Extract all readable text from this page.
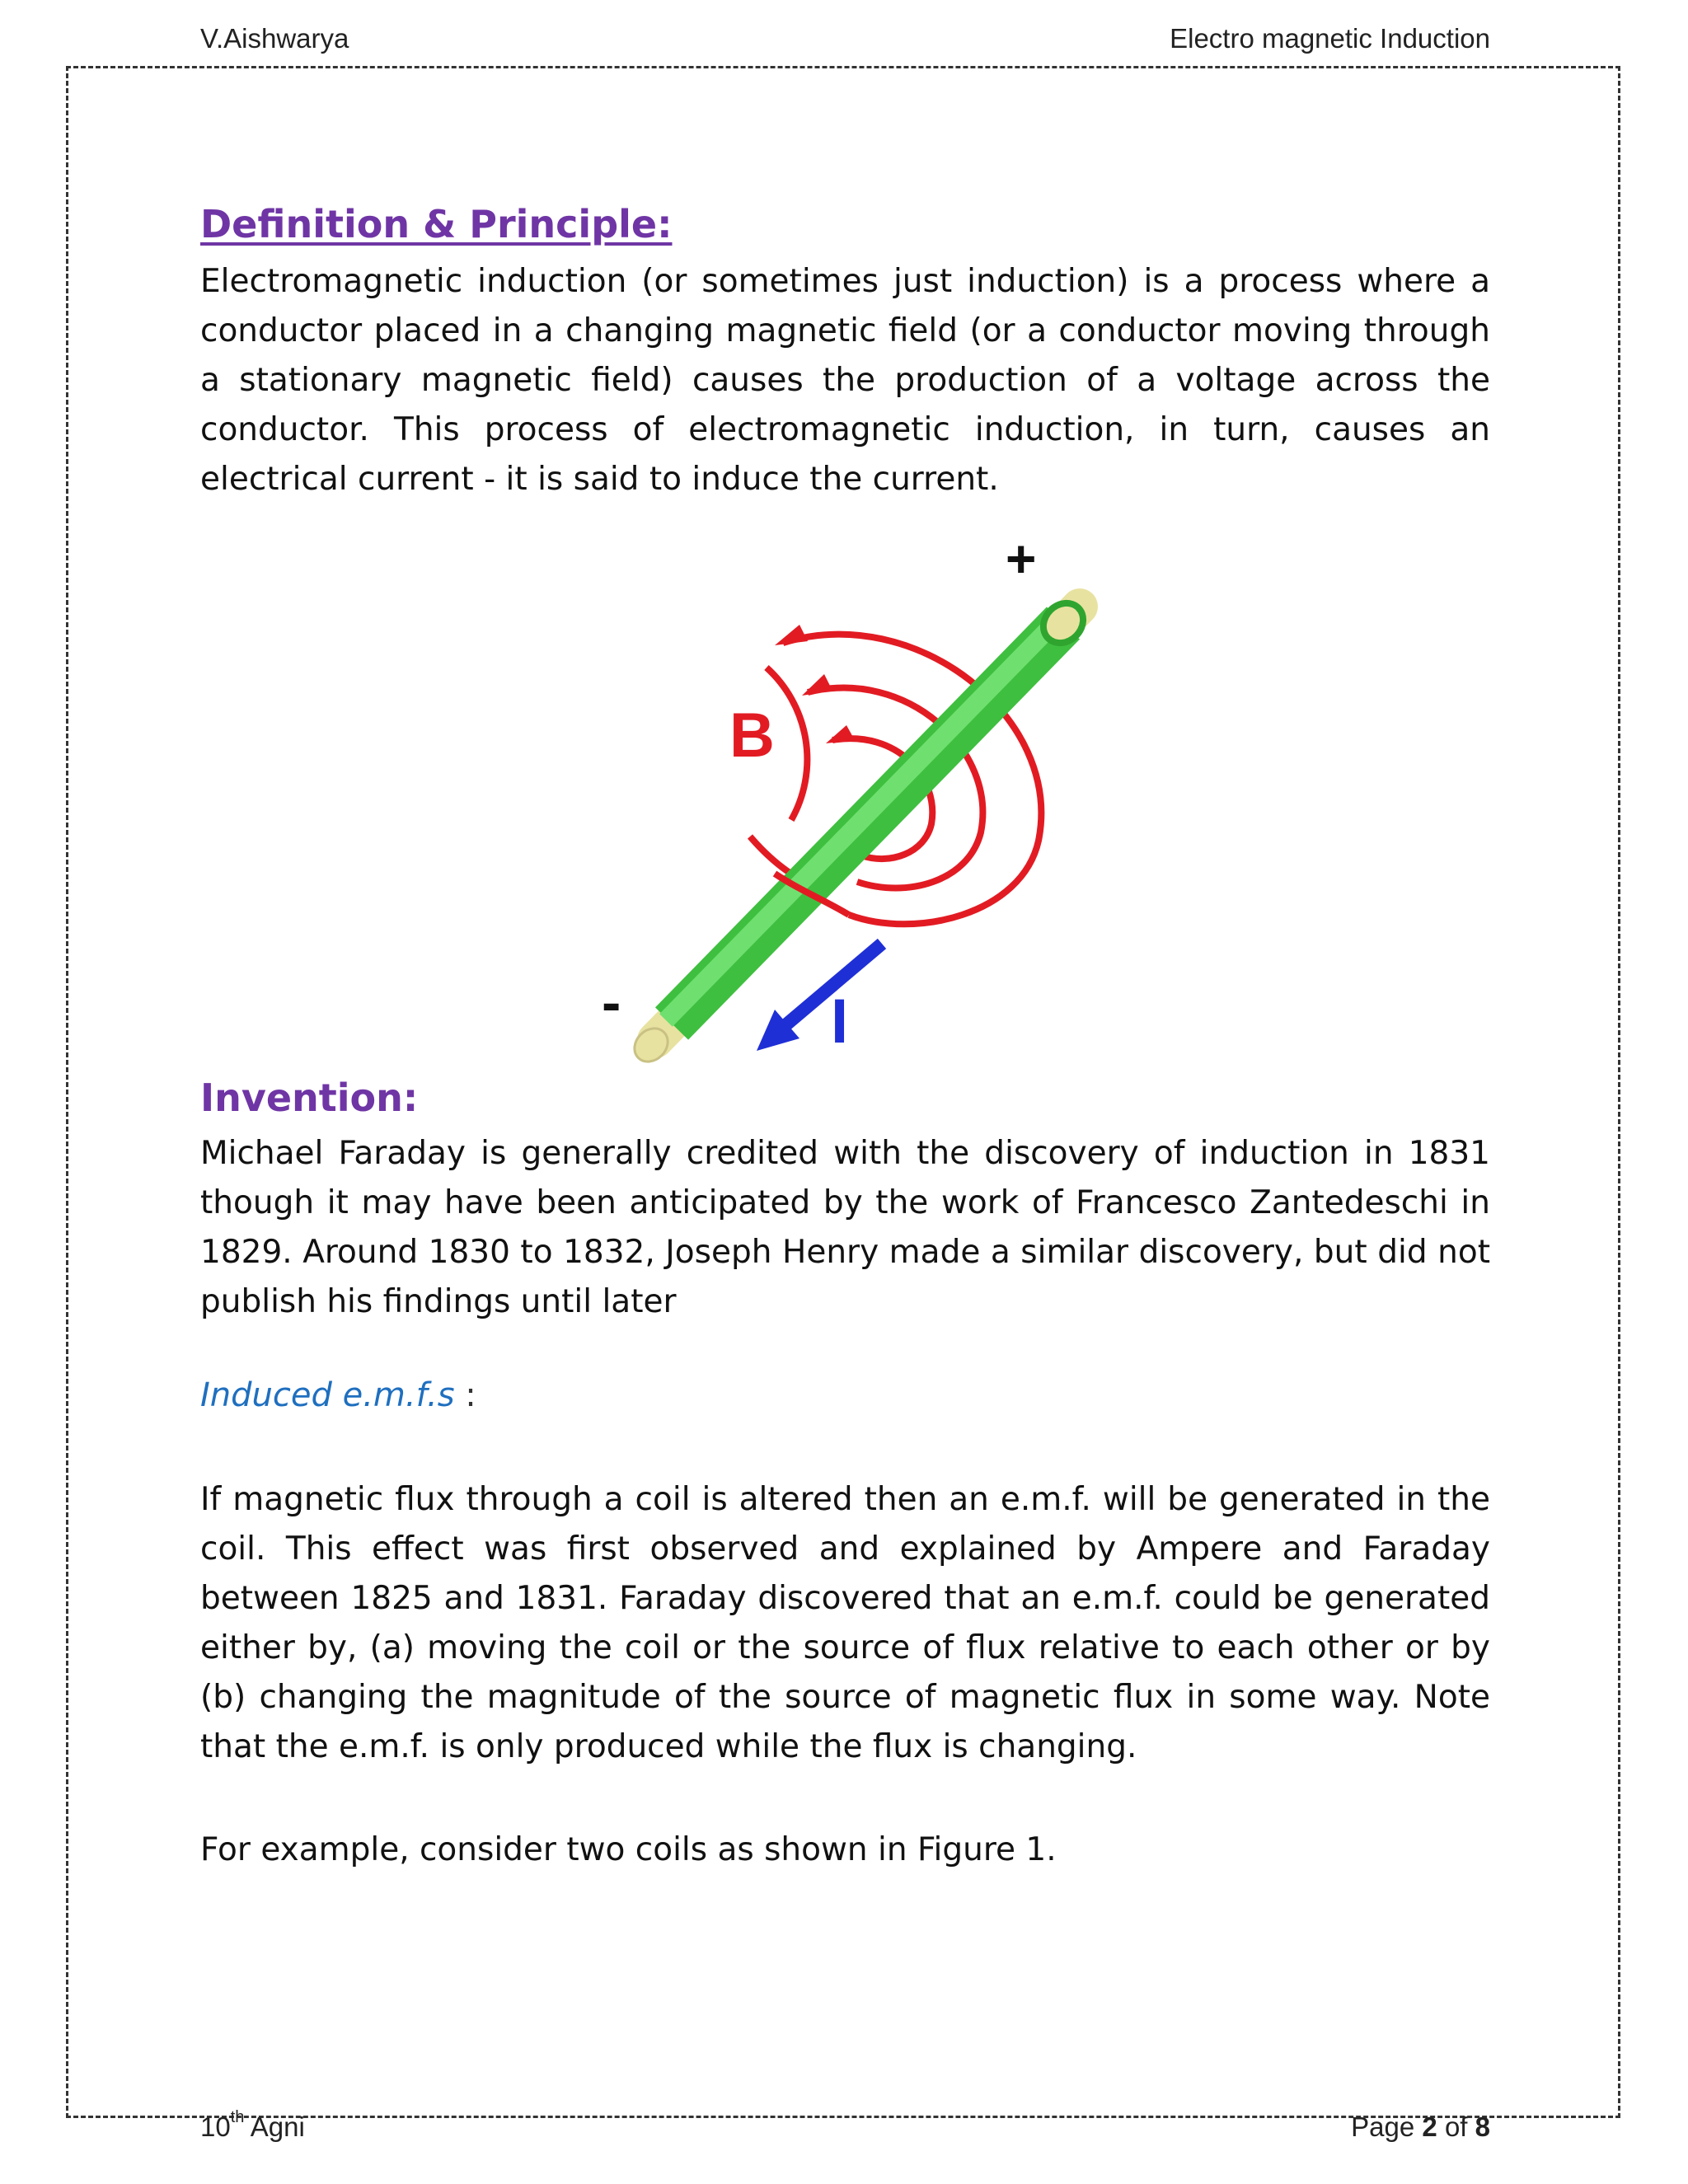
V.Aishwarya	Electro magnetic Induction
Definition & Principle:

Electromagnetic induction (or sometimes just induction) is a process where a conductor placed in a changing magnetic field (or a conductor moving through a stationary magnetic field) causes the production of a voltage across the conductor. This process of electromagnetic induction, in turn, causes an electrical current - it is said to induce the current.

+
-
B
I
Invention:

Michael Faraday is generally credited with the discovery of induction in 1831 though it may have been anticipated by the work of Francesco Zantedeschi in 1829. Around 1830 to 1832, Joseph Henry made a similar discovery, but did not publish his findings until later

Induced e.m.f.s :

If magnetic flux through a coil is altered then an e.m.f. will be generated in the coil. This effect was first observed and explained by Ampere and Faraday between 1825 and 1831. Faraday discovered that an e.m.f. could be generated either by, (a) moving the coil or the source of flux relative to each other or by (b) changing the magnitude of the source of magnetic flux in some way. Note that the e.m.f. is only produced while the flux is changing.

For example, consider two coils as shown in Figure 1.

10th Agni	Page 2 of 8
